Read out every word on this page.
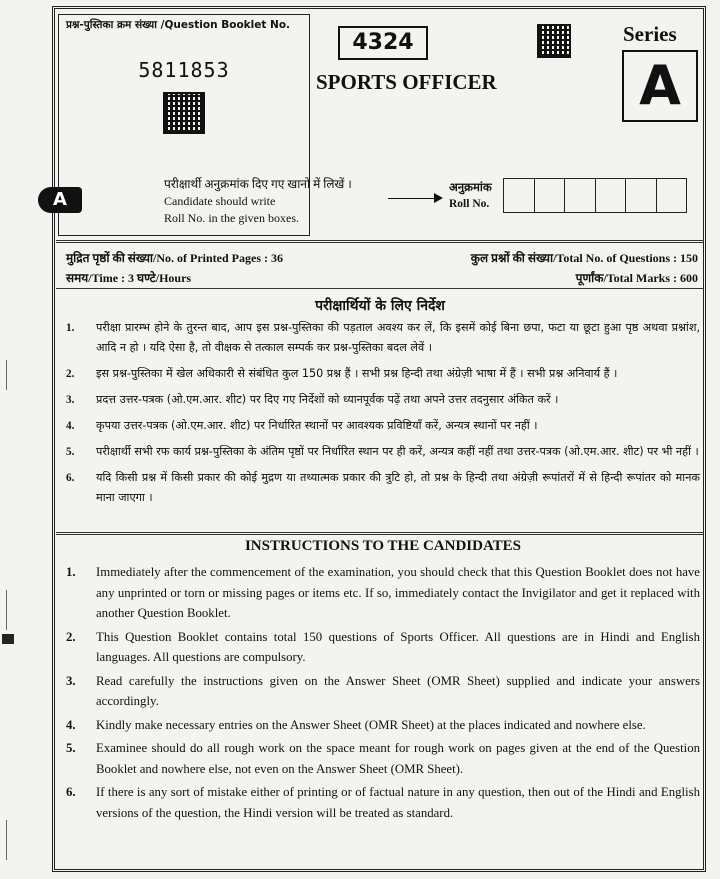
प्रश्न-पुस्तिका क्रम संख्या /Question Booklet No.
5811853
4324
SPORTS OFFICER
Series
A
A
परीक्षार्थी अनुक्रमांक दिए गए खानों में लिखें ।
Candidate should write
Roll No. in the given boxes.
अनुक्रमांक
Roll No.
मुद्रित पृष्ठों की संख्या/No. of Printed Pages : 36
समय/Time : 3 घण्टे/Hours
कुल प्रश्नों की संख्या/Total No. of Questions : 150
पूर्णांक/Total Marks : 600
परीक्षार्थियों के लिए निर्देश
1. परीक्षा प्रारम्भ होने के तुरन्त बाद, आप इस प्रश्न-पुस्तिका की पड़ताल अवश्य कर लें, कि इसमें कोई बिना छपा, फटा या छूटा हुआ पृष्ठ अथवा प्रश्नांश, आदि न हो । यदि ऐसा है, तो वीक्षक से तत्काल सम्पर्क कर प्रश्न-पुस्तिका बदल लेवें ।
2. इस प्रश्न-पुस्तिका में खेल अधिकारी से संबंधित कुल 150 प्रश्न हैं । सभी प्रश्न हिन्दी तथा अंग्रेज़ी भाषा में हैं । सभी प्रश्न अनिवार्य हैं ।
3. प्रदत्त उत्तर-पत्रक (ओ.एम.आर. शीट) पर दिए गए निर्देशों को ध्यानपूर्वक पढ़ें तथा अपने उत्तर तदनुसार अंकित करें ।
4. कृपया उत्तर-पत्रक (ओ.एम.आर. शीट) पर निर्धारित स्थानों पर आवश्यक प्रविष्टियाँ करें, अन्यत्र स्थानों पर नहीं ।
5. परीक्षार्थी सभी रफ कार्य प्रश्न-पुस्तिका के अंतिम पृष्ठों पर निर्धारित स्थान पर ही करें, अन्यत्र कहीं नहीं तथा उत्तर-पत्रक (ओ.एम.आर. शीट) पर भी नहीं ।
6. यदि किसी प्रश्न में किसी प्रकार की कोई मुद्रण या तथ्यात्मक प्रकार की त्रुटि हो, तो प्रश्न के हिन्दी तथा अंग्रेज़ी रूपांतरों में से हिन्दी रूपांतर को मानक माना जाएगा ।
INSTRUCTIONS TO THE CANDIDATES
1. Immediately after the commencement of the examination, you should check that this Question Booklet does not have any unprinted or torn or missing pages or items etc. If so, immediately contact the Invigilator and get it replaced with another Question Booklet.
2. This Question Booklet contains total 150 questions of Sports Officer. All questions are in Hindi and English languages. All questions are compulsory.
3. Read carefully the instructions given on the Answer Sheet (OMR Sheet) supplied and indicate your answers accordingly.
4. Kindly make necessary entries on the Answer Sheet (OMR Sheet) at the places indicated and nowhere else.
5. Examinee should do all rough work on the space meant for rough work on pages given at the end of the Question Booklet and nowhere else, not even on the Answer Sheet (OMR Sheet).
6. If there is any sort of mistake either of printing or of factual nature in any question, then out of the Hindi and English versions of the question, the Hindi version will be treated as standard.
